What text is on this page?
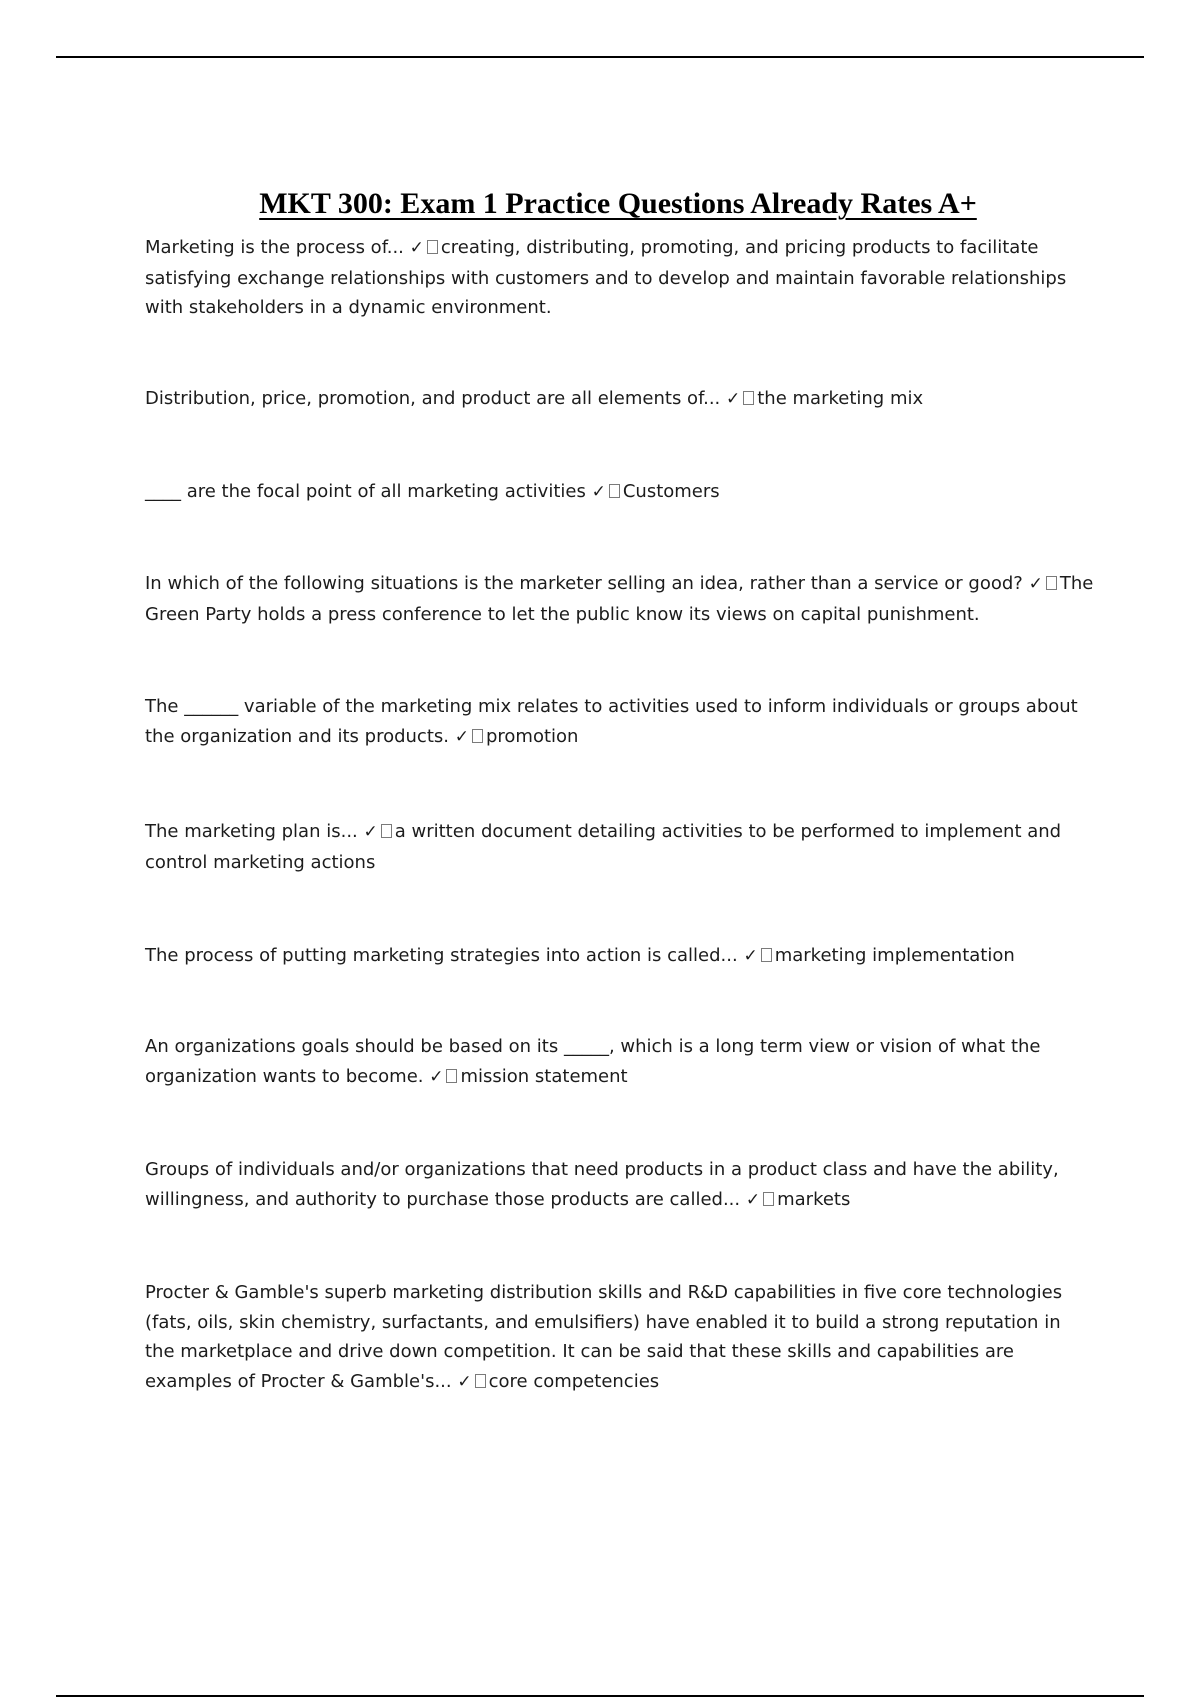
MKT 300: Exam 1 Practice Questions Already Rates A+

Marketing is the process of... ✓ creating, distributing, promoting, and pricing products to facilitate satisfying exchange relationships with customers and to develop and maintain favorable relationships with stakeholders in a dynamic environment.

Distribution, price, promotion, and product are all elements of... ✓ the marketing mix

____ are the focal point of all marketing activities ✓ Customers

In which of the following situations is the marketer selling an idea, rather than a service or good? ✓ The Green Party holds a press conference to let the public know its views on capital punishment.

The ______ variable of the marketing mix relates to activities used to inform individuals or groups about the organization and its products. ✓ promotion

The marketing plan is... ✓ a written document detailing activities to be performed to implement and control marketing actions

The process of putting marketing strategies into action is called... ✓ marketing implementation

An organizations goals should be based on its _____, which is a long term view or vision of what the organization wants to become. ✓ mission statement

Groups of individuals and/or organizations that need products in a product class and have the ability, willingness, and authority to purchase those products are called... ✓ markets

Procter & Gamble's superb marketing distribution skills and R&D capabilities in five core technologies (fats, oils, skin chemistry, surfactants, and emulsifiers) have enabled it to build a strong reputation in the marketplace and drive down competition. It can be said that these skills and capabilities are examples of Procter & Gamble's... ✓ core competencies
